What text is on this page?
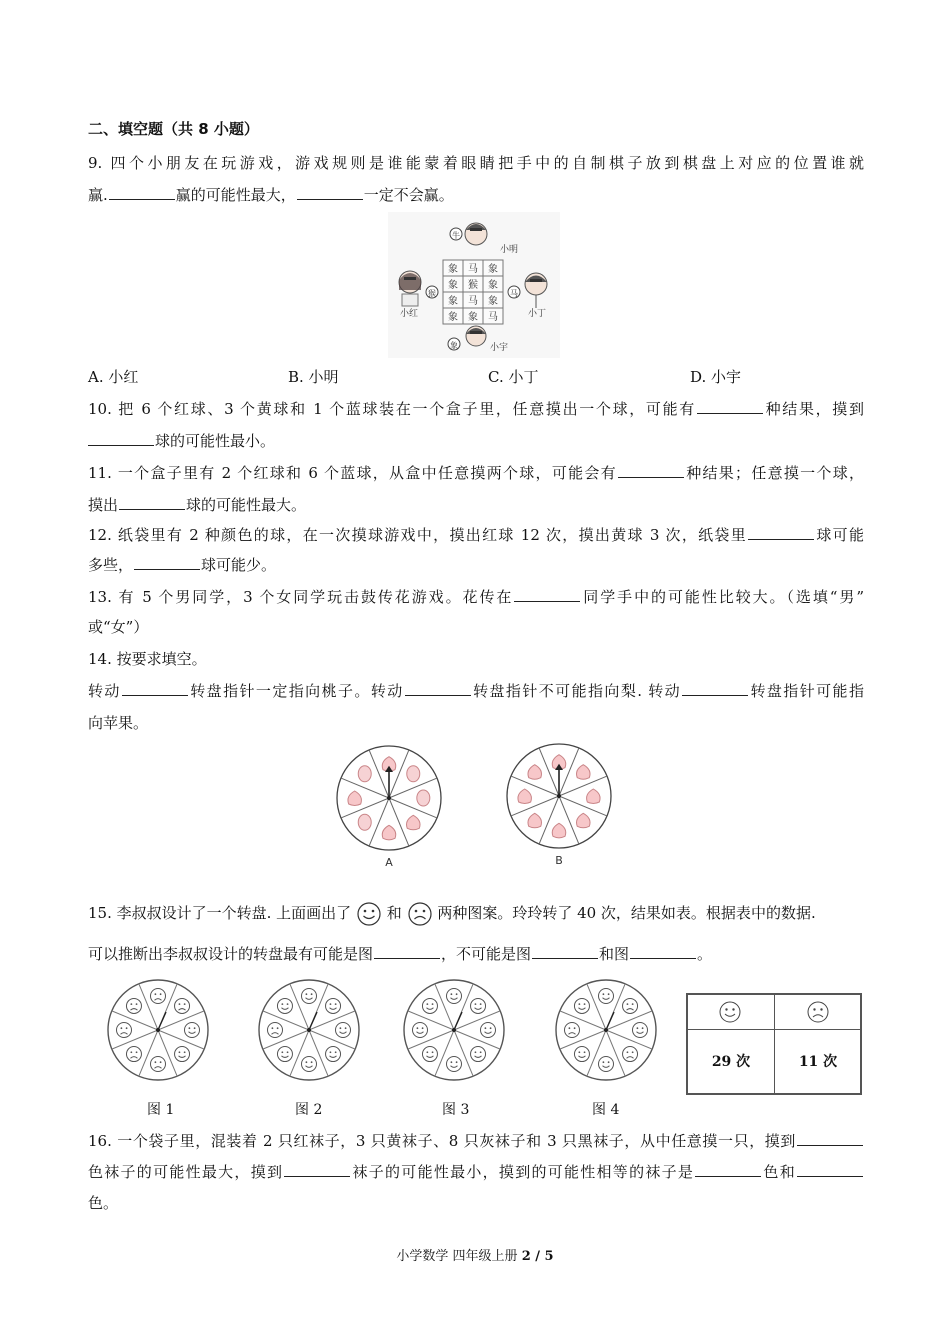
二、填空题（共 8 小题）
9. 四个小朋友在玩游戏，游戏规则是谁能蒙着眼睛把手中的自制棋子放到棋盘上对应的位置谁就
赢.	赢的可能性最大，	一定不会赢。
象 马 象
象 猴 象
象 马 象
象 象 马
牛
小明
猴
小红
马
小丁
象	小宇
A. 小红	B. 小明	C. 小丁	D. 小宇
10. 把 6 个红球、3 个黄球和 1 个蓝球装在一个盒子里，任意摸出一个球，可能有	种结果，摸到
球的可能性最小。
11. 一个盒子里有 2 个红球和 6 个蓝球，从盒中任意摸两个球，可能会有	种结果；任意摸一个球，
摸出	球的可能性最大。
12. 纸袋里有 2 种颜色的球，在一次摸球游戏中，摸出红球 12 次，摸出黄球 3 次，纸袋里	球可能
多些，	球可能少。
13. 有 5 个男同学，3 个女同学玩击鼓传花游戏。花传在	同学手中的可能性比较大。（选填“男”
或“女”）
14. 按要求填空。
转动	转盘指针一定指向桃子。转动	转盘指针不可能指向梨. 转动	转盘指针可能指
向苹果。
A	B
15. 李叔叔设计了一个转盘. 上面画出了 和 两种图案。玲玲转了 40 次，结果如表。根据表中的数据.
可以推断出李叔叔设计的转盘最有可能是图	，不可能是图	和图	。
29 次	11 次
图 1	图 2	图 3	图 4
16. 一个袋子里，混装着 2 只红袜子，3 只黄袜子、8 只灰袜子和 3 只黑袜子，从中任意摸一只，摸到
色袜子的可能性最大，摸到	袜子的可能性最小，摸到的可能性相等的袜子是	色和
色。
小学数学 四年级上册 2 / 5
